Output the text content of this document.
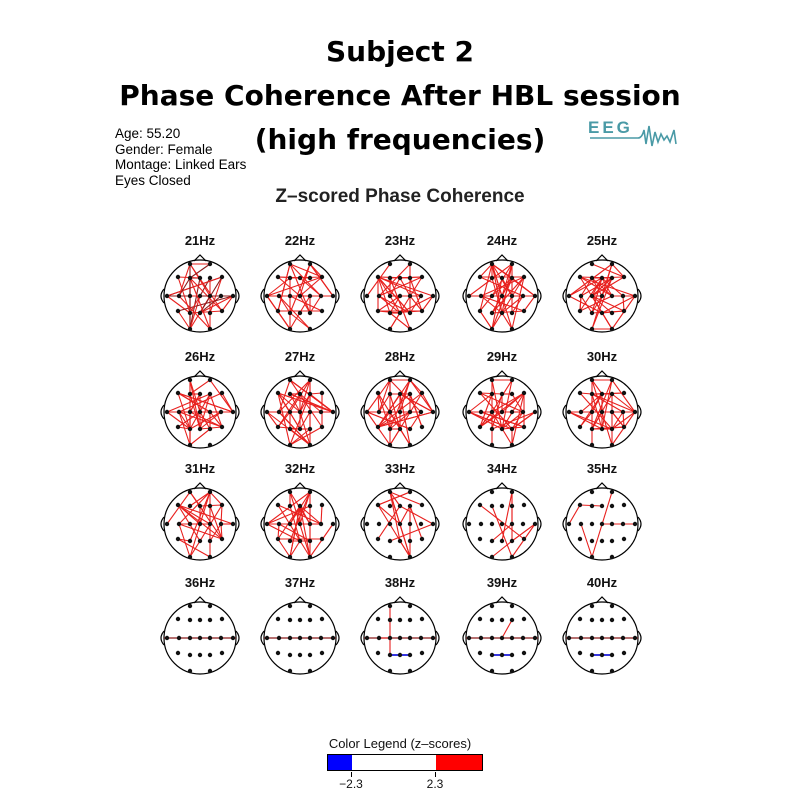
Subject 2
Phase Coherence After HBL session
(high frequencies)
Age: 55.20
Gender: Female
Montage: Linked Ears
Eyes Closed
EEG
Z–scored Phase Coherence
21Hz	22Hz	23Hz	24Hz	25Hz
26Hz	27Hz	28Hz	29Hz	30Hz
31Hz	32Hz	33Hz	34Hz	35Hz
36Hz	37Hz	38Hz	39Hz	40Hz
Color Legend (z–scores)
−2.3	2.3
